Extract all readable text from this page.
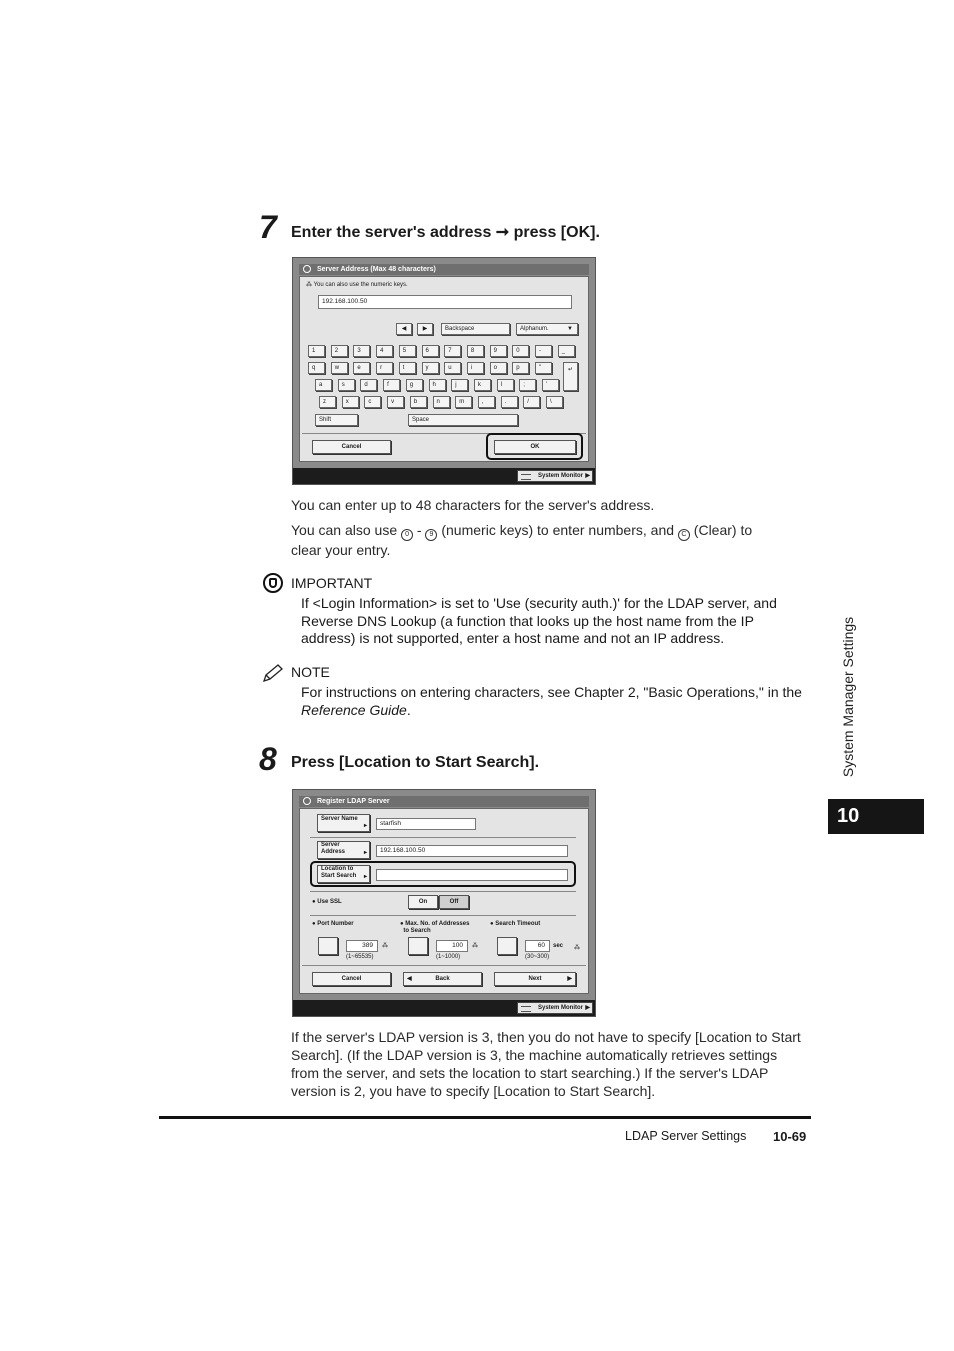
7 Enter the server's address ➞ press [OK].
Server Address (Max 48 characters)
⁂ You can also use the numeric keys.
192.168.100.50
◀	▶	Backspace	Alphanum.	▼
1	2	3	4	5	6	7	8	9	0	-	_
q	w	e	r	t	y	u	i	o	p	"
a	s	d	f	g	h	j	k	l	;	'
z	x	c	v	b	n	m	,	.	/	\
↵
Shift	Space
Cancel	OK
System Monitor ▶
You can enter up to 48 characters for the server's address.
You can also use 0 - 9 (numeric keys) to enter numbers, and C (Clear) to
clear your entry.
IMPORTANT
If <Login Information> is set to 'Use (security auth.)' for the LDAP server, and Reverse DNS Lookup (a function that looks up the host name from the IP address) is not supported, enter a host name and not an IP address.
NOTE
For instructions on entering characters, see Chapter 2, "Basic Operations," in the Reference Guide.
8 Press [Location to Start Search].
Register LDAP Server
Server Name
▸	starfish
Server
Address	▸	192.168.100.50
Location to
Start Search ▸
● Use SSL	On	Off
● Port Number	● Max. No. of Addresses
to Search
● Search Timeout
389	⁂
(1~65535)
100	⁂
(1~1000)
60	sec ⁂
(30~300)
Cancel	◀	Back	Next	▶
System Monitor ▶
If the server's LDAP version is 3, then you do not have to specify [Location to Start Search]. (If the LDAP version is 3, the machine automatically retrieves settings from the server, and sets the location to start searching.) If the server's LDAP version is 2, you have to specify [Location to Start Search].
System Manager Settings
10
LDAP Server Settings 10-69
